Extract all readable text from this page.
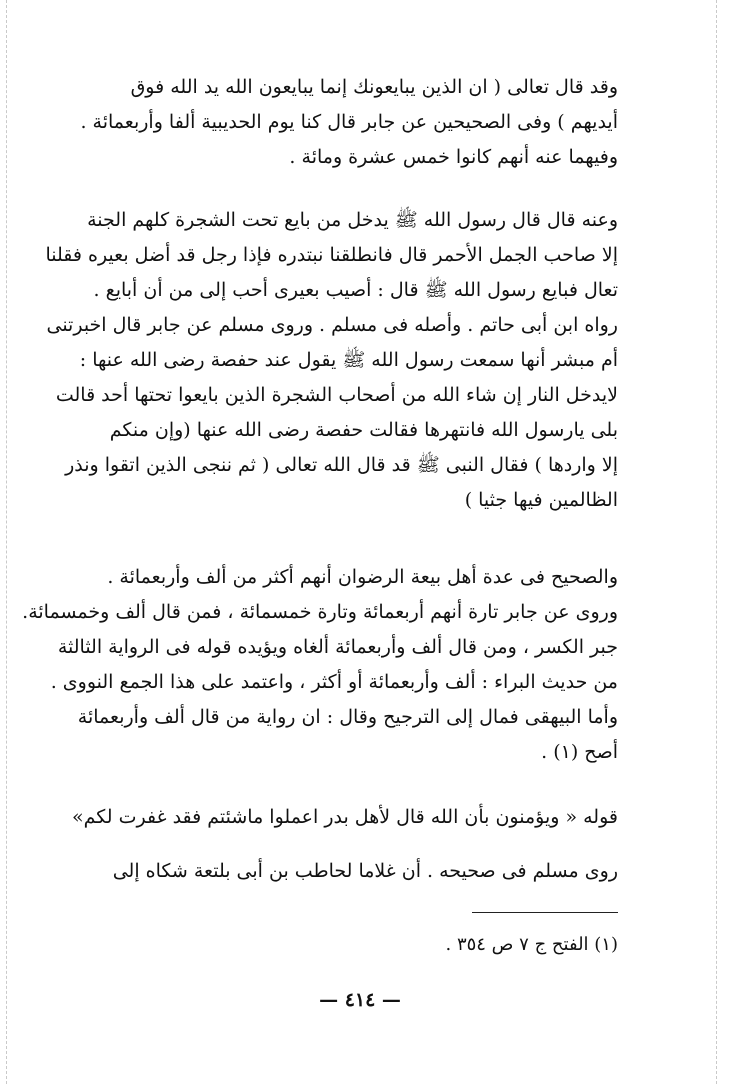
وقد قال تعالى ( ان الذين يبايعونك إنما يبايعون الله يد الله فوق
أيديهم ) وفى الصحيحين عن جابر قال كنا يوم الحديبية ألفا وأربعمائة .
وفيهما عنه أنهم كانوا خمس عشرة ومائة .
وعنه قال قال رسول الله ﷺ يدخل من بايع تحت الشجرة كلهم الجنة
إلا صاحب الجمل الأحمر قال فانطلقنا نبتدره فإذا رجل قد أضل بعيره فقلنا
تعال فبايع رسول الله ﷺ قال : أصيب بعيرى أحب إلى من أن أبايع .
رواه ابن أبى حاتم . وأصله فى مسلم . وروى مسلم عن جابر قال اخبرتنى
أم مبشر أنها سمعت رسول الله ﷺ يقول عند حفصة رضى الله عنها :
لايدخل النار إن شاء الله من أصحاب الشجرة الذين بايعوا تحتها أحد قالت
بلى يارسول الله فانتهرها فقالت حفصة رضى الله عنها (وإن منكم
إلا واردها ) فقال النبى ﷺ قد قال الله تعالى ( ثم ننجى الذين اتقوا ونذر
الظالمين فيها جثيا )
والصحيح فى عدة أهل بيعة الرضوان أنهم أكثر من ألف وأربعمائة .
وروى عن جابر تارة أنهم أربعمائة وتارة خمسمائة ، فمن قال ألف وخمسمائة.
جبر الكسر ، ومن قال ألف وأربعمائة ألغاه ويؤيده قوله فى الرواية الثالثة
من حديث البراء : ألف وأربعمائة أو أكثر ، واعتمد على هذا الجمع النووى .
وأما البيهقى فمال إلى الترجيح وقال : ان رواية من قال ألف وأربعمائة
أصح (١) .
قوله « ويؤمنون بأن الله قال لأهل بدر اعملوا ماشئتم فقد غفرت لكم»
روى مسلم فى صحيحه . أن غلاما لحاطب بن أبى بلتعة شكاه إلى
(١) الفتح ج ٧ ص ٣٥٤ .
— ٤١٤ —
